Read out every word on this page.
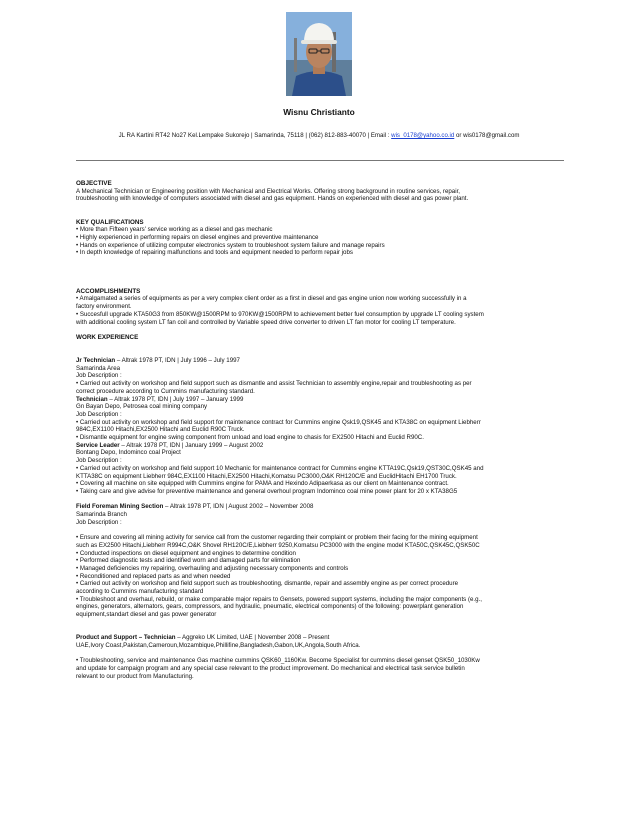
Wisnu Christianto
JL RA Kartini RT42 No27 Kel.Lempake Sukorejo | Samarinda, 75118 | (062) 812-883-40070 | Email : wis_0178@yahoo.co.id or wis0178@gmail.com

OBJECTIVE

A Mechanical Technician or Engineering position with Mechanical and Electrical Works. Offering strong background in routine services, repair,

troubleshooting with knowledge of computers associated with diesel and gas equipment. Hands on experienced with diesel and gas power plant.

KEY QUALIFICATIONS

• More than Fifteen years' service working as a diesel and gas mechanic

• Highly experienced in performing repairs on diesel engines and preventive maintenance

• Hands on experience of utilizing computer electronics system to troubleshoot system failure and manage repairs

• In depth knowledge of repairing malfunctions and tools and equipment needed to perform repair jobs

ACCOMPLISHMENTS

• Amalgamated a series of equipments as per a very complex client order as a first in diesel and gas engine union now working successfully in a

factory environment.

• Succesfull upgrade KTA50G3 from 850KW@1500RPM to 970KW@1500RPM to achievement better fuel consumption by upgrade LT cooling system

with additional cooling system LT fan coil and controlled by Variable speed drive converter to driven LT fan motor for cooling LT temperature.

WORK EXPERIENCE

Jr Technician – Altrak 1978 PT, IDN | July 1996 – July 1997

Samarinda Area

Job Description :

• Carried out activity on workshop and field support such as dismantle and assist Technician to assembly engine,repair and troubleshooting as per

correct procedure according to Cummins manufacturing standard.

Technician – Altrak 1978 PT, IDN | July 1997 – January 1999

Gn Bayan Depo, Petrosea coal mining company

Job Description :

• Carried out activity on workshop and field support for maintenance contract for Cummins engine Qsk19,QSK45 and KTA38C on equipment Liebherr

984C,EX1100 Hitachi,EX2500 Hitachi and Euclid R90C Truck.

• Dismantle equipment for engine swing component from unload and load engine to chasis for EX2500 Hitachi and Euclid R90C.

Service Leader – Altrak 1978 PT, IDN | January 1999 – August 2002

Bontang Depo, Indominco coal Project

Job Description :

• Carried out activity on workshop and field support 10 Mechanic for maintenance contract for Cummins engine KTTA19C,Qsk19,QST30C,QSK45 and

KTTA38C on equipment Liebherr 984C,EX1100 Hitachi,EX2500 Hitachi,Komatsu PC3000,O&K RH120C/E and EuclidHitachi EH1700 Truck.

• Covering all machine on site equipped with Cummins engine for PAMA and Hexindo Adipaerkasa as our client on Maintenance contract.

• Taking care and give advise for preventive maintenance and general overhoul program Indominco coal mine power plant for 20 x KTA38G5

Field Foreman Mining Section – Altrak 1978 PT, IDN | August 2002 – November 2008

Samarinda Branch

Job Description :

• Ensure and covering all mining activity for service call from the customer regarding their complaint or problem their facing for the mining equipment

such as EX2500 Hitachi,Liebherr R994C,O&K Shovel RH120C/E,Liebherr 9250,Komatsu PC3000 with the engine model KTA50C,QSK45C,QSK50C

• Conducted inspections on diesel equipment and engines to determine condition

• Performed diagnostic tests and identified worn and damaged parts for elimination

• Managed deficiencies my repairing, overhauling and adjusting necessary components and controls

• Reconditioned and replaced parts as and when needed

• Carried out activity on workshop and field support such as troubleshooting, dismantle, repair and assembly engine as per correct procedure

according to Cummins manufacturing standard

• Troubleshoot and overhaul, rebuild, or make comparable major repairs to Gensets, powered support systems, including the major components (e.g.,

engines, generators, alternators, gears, compressors, and hydraulic, pneumatic, electrical components) of the following: powerplant generation

equipment,standart diesel and gas power generator

Product and Support – Technician – Aggreko UK Limited, UAE | November 2008 – Present

UAE,Ivory Coast,Pakistan,Cameroun,Mozambique,Phillifine,Bangladesh,Gabon,UK,Angola,South Africa.

• Troubleshooting, service and maintenance Gas machine cummins QSK60_1160Kw. Become Specialist for cummins diesel genset QSK50_1030Kw

and update for campaign program and any special case relevant to the product improvement. Do mechanical and electrical task service bulletin

relevant to our product from Manufacturing.
